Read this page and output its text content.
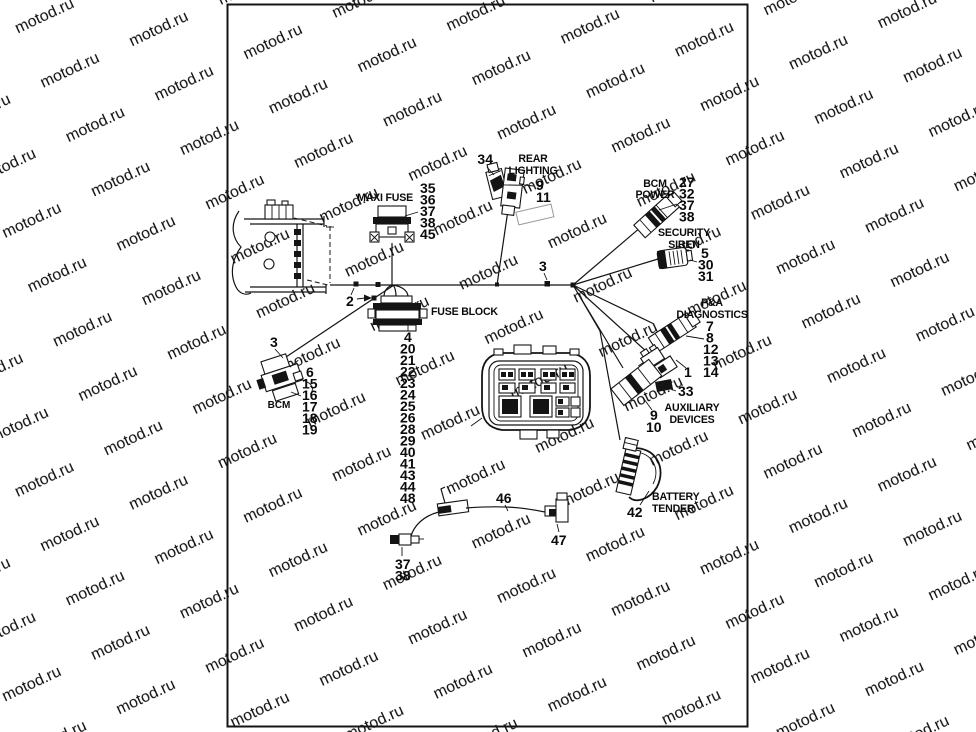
MAXI FUSE
35
36
37
38
45
34 REAR
LIGHTING
9
11
BCM
POWER
27
32
37
38
SECURITY
SIREN 5
30
31
P&A
DIAGNOSTICS
7
8
12
13
14
1
33
AUXILIARY
DEVICES
9
10
42
BATTERY
TENDER
3
BCM
6
15
16
17
18
19
FUSE BLOCK
2
4
20
21
22
23
24
25
26
28
29
40
41
43
44
48
3
46
47
37
38
